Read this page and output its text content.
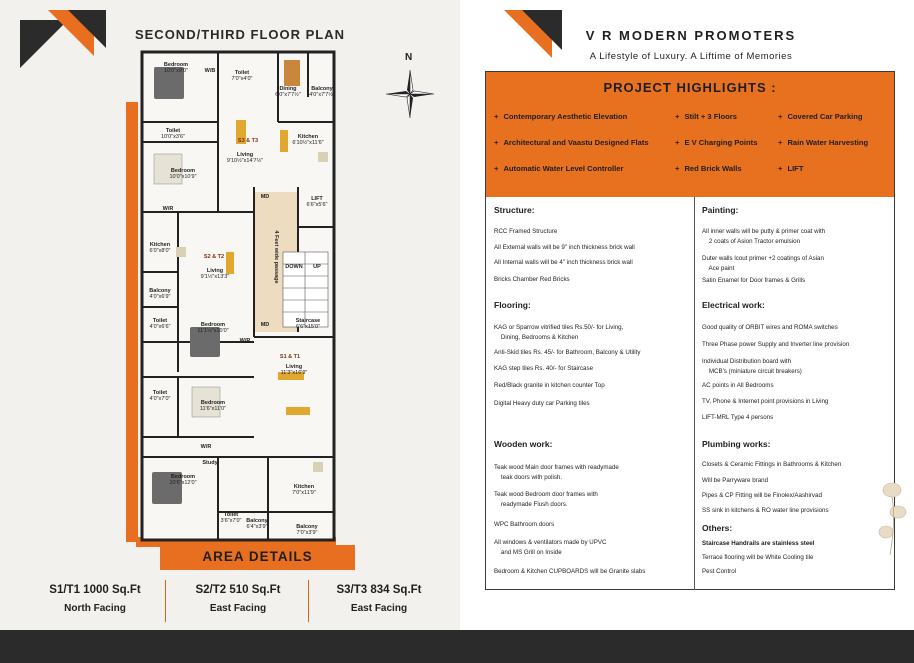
SECOND/THIRD FLOOR PLAN
N
Bedroom
10'0"x9'0"	Toilet
7'0"x4'0"
W/B
Dining
6'0"x7'7½"
Balcony
4'0"x7'7½"
Toilet
10'0"x3'6"
S3 & T3
Kitchen
6'10½"x11'6"
Living
9'10½"x14'7½"
Bedroom
10'0"x10'9"
W/R
MD	LIFT
6'6"x5'6"
Kitchen
6'0"x8'0"
S2 & T2	4 Feet wide passage DOWN	UP
Living
9'1½"x13'3"
Balcony
4'0"x6'9"
Toilet
4'0"x6'6"
Staircase
6'6"x15'0"
Bedroom
11'1½"x10'0"
MD
W/R
S1 & T1
Living
11'3"x16'9"
Toilet
4'0"x7'0"
Bedroom
11'6"x11'0"
W/R
Study
Bedroom
10'6"x12'0"
Kitchen
7'0"x11'9"
Toilet
3'6"x7'0" Balcony
6'4"x3'9"	Balcony
7'0"x3'9"
AREA DETAILS
S1/T1 1000 Sq.Ft
North Facing
S2/T2 510 Sq.Ft
East Facing
S3/T3 834 Sq.Ft
East Facing
V R MODERN PROMOTERS
A Lifestyle of Luxury. A Liftime of Memories
PROJECT HIGHLIGHTS :
+ Contemporary Aesthetic Elevation	+ Stilt + 3 Floors	+ Covered Car Parking
+ Architectural and Vaastu Designed Flats	+ E V Charging Points	+ Rain Water Harvesting
+ Automatic Water Level Controller	+ Red Brick Walls	+ LIFT
Structure:
RCC Framed Structure
All External walls will be 9" inch thickness brick wall
All Internal walls will be 4" inch thickness brick wall
Bricks Chamber Red Bricks
Flooring:
KAG or Sparrow vitrified tiles Rs.50/- for Living,
Dining, Bedrooms & Kitchen
Anti-Skid tiles Rs. 45/- for Bathroom, Balcony & Utility
KAG step tiles Rs. 40/- for Staircase
Red/Black granite in kitchen counter Top
Digital Heavy duty car Parking tiles
Wooden work:
Teak wood Main door frames with readymade
teak doors with polish.
Teak wood Bedroom door frames with
readymade Flush doors.
WPC Bathroom doors
All windows & ventilators made by UPVC
and MS Grill on Inside
Bedroom & Kitchen CUPBOARDS will be Granite slabs
Painting:
All inner walls will be putty & primer coat with
2 coats of Asion Tractor emulsion
Duter walls lcout primer +2 coatings of Asian
Ace paint
Satin Enamel for Door frames & Grills
Electrical work:
Good quality of ORBIT wires and ROMA switches
Three Phase power Supply and Inverter line provision
Individual Distribution board with
MCB's (miniature circuit breakers)
AC points in All Bedrooms
TV, Phone & Internet point provisions in Living
LIFT-MRL Type 4 persons
Plumbing works:
Closets & Ceramic Fittings in Bathrooms & Kitchen
Will be Parryware brand
Pipes & CP Fitting will be Finolex/Aashirvad
SS sink in kitchens & RO water line provisions
Others:
Staircase Handrails are stainless steel
Terrace flooring will be White Cooling tile
Pest Control
